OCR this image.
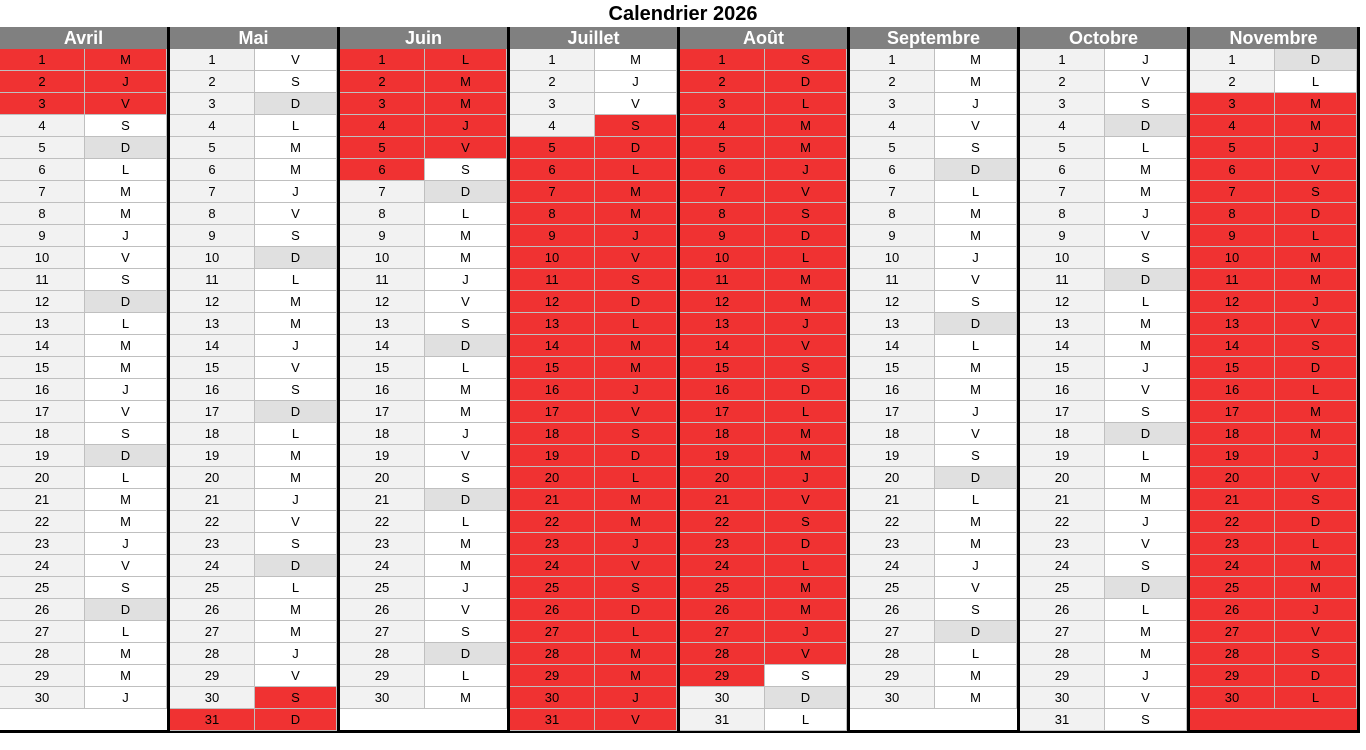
Calendrier 2026
Avril
1	M
2	J
3	V
4	S
5	D
6	L
7	M
8	M
9	J
10	V
11	S
12	D
13	L
14	M
15	M
16	J
17	V
18	S
19	D
20	L
21	M
22	M
23	J
24	V
25	S
26	D
27	L
28	M
29	M
30	J
Mai
1	V
2	S
3	D
4	L
5	M
6	M
7	J
8	V
9	S
10	D
11	L
12	M
13	M
14	J
15	V
16	S
17	D
18	L
19	M
20	M
21	J
22	V
23	S
24	D
25	L
26	M
27	M
28	J
29	V
30	S
31	D
Juin
1	L
2	M
3	M
4	J
5	V
6	S
7	D
8	L
9	M
10	M
11	J
12	V
13	S
14	D
15	L
16	M
17	M
18	J
19	V
20	S
21	D
22	L
23	M
24	M
25	J
26	V
27	S
28	D
29	L
30	M
Juillet
1	M
2	J
3	V
4	S
5	D
6	L
7	M
8	M
9	J
10	V
11	S
12	D
13	L
14	M
15	M
16	J
17	V
18	S
19	D
20	L
21	M
22	M
23	J
24	V
25	S
26	D
27	L
28	M
29	M
30	J
31	V
Août
1	S
2	D
3	L
4	M
5	M
6	J
7	V
8	S
9	D
10	L
11	M
12	M
13	J
14	V
15	S
16	D
17	L
18	M
19	M
20	J
21	V
22	S
23	D
24	L
25	M
26	M
27	J
28	V
29	S
30	D
31	L
Septembre
1	M
2	M
3	J
4	V
5	S
6	D
7	L
8	M
9	M
10	J
11	V
12	S
13	D
14	L
15	M
16	M
17	J
18	V
19	S
20	D
21	L
22	M
23	M
24	J
25	V
26	S
27	D
28	L
29	M
30	M
Octobre
1	J
2	V
3	S
4	D
5	L
6	M
7	M
8	J
9	V
10	S
11	D
12	L
13	M
14	M
15	J
16	V
17	S
18	D
19	L
20	M
21	M
22	J
23	V
24	S
25	D
26	L
27	M
28	M
29	J
30	V
31	S
Novembre
1	D
2	L
3	M
4	M
5	J
6	V
7	S
8	D
9	L
10	M
11	M
12	J
13	V
14	S
15	D
16	L
17	M
18	M
19	J
20	V
21	S
22	D
23	L
24	M
25	M
26	J
27	V
28	S
29	D
30	L
